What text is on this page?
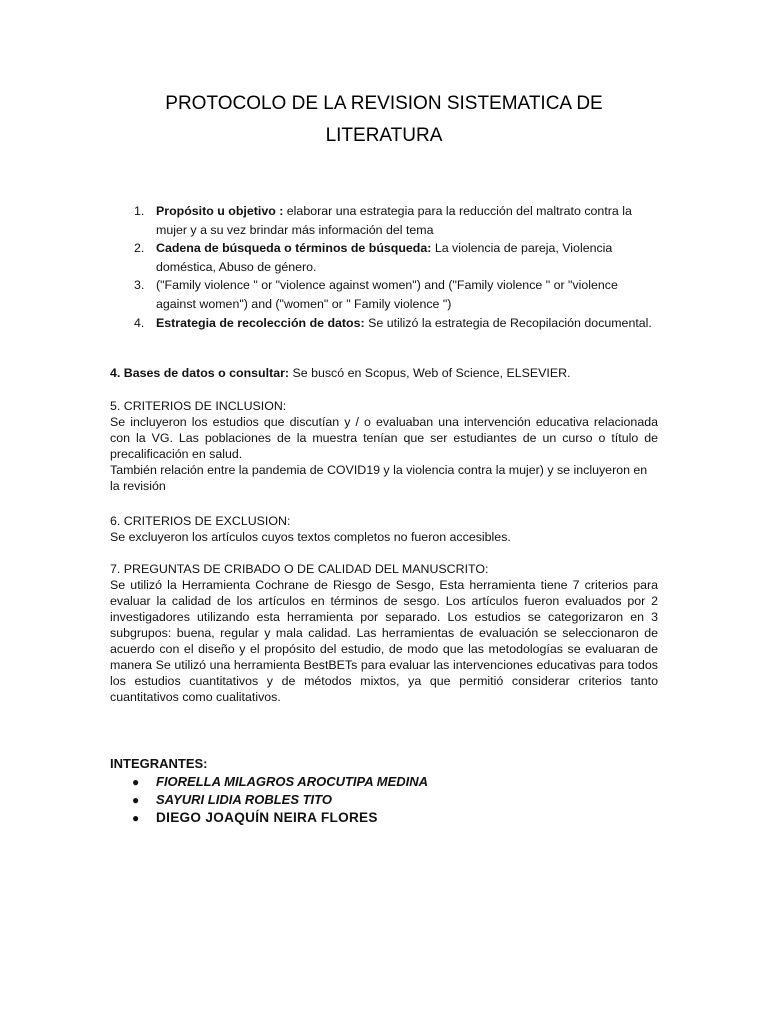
PROTOCOLO DE LA REVISION SISTEMATICA DE
LITERATURA
1. Propósito u objetivo : elaborar una estrategia para la reducción del maltrato contra la mujer y a su vez brindar más información del tema
2. Cadena de búsqueda o términos de búsqueda: La violencia de pareja, Violencia doméstica, Abuso de género.
3. ("Family violence " or "violence against women") and ("Family violence " or "violence against women") and ("women" or " Family violence ")
4. Estrategia de recolección de datos: Se utilizó la estrategia de Recopilación documental.
4. Bases de datos o consultar: Se buscó en Scopus, Web of Science, ELSEVIER.
5. CRITERIOS DE INCLUSION:
Se incluyeron los estudios que discutían y / o evaluaban una intervención educativa relacionada con la VG. Las poblaciones de la muestra tenían que ser estudiantes de un curso o título de precalificación en salud.
También relación entre la pandemia de COVID19 y la violencia contra la mujer) y se incluyeron en la revisión
6. CRITERIOS DE EXCLUSION:
Se excluyeron los artículos cuyos textos completos no fueron accesibles.
7. PREGUNTAS DE CRIBADO O DE CALIDAD DEL MANUSCRITO:
Se utilizó la Herramienta Cochrane de Riesgo de Sesgo, Esta herramienta tiene 7 criterios para evaluar la calidad de los artículos en términos de sesgo. Los artículos fueron evaluados por 2 investigadores utilizando esta herramienta por separado. Los estudios se categorizaron en 3 subgrupos: buena, regular y mala calidad. Las herramientas de evaluación se seleccionaron de acuerdo con el diseño y el propósito del estudio, de modo que las metodologías se evaluaran de manera Se utilizó una herramienta BestBETs para evaluar las intervenciones educativas para todos los estudios cuantitativos y de métodos mixtos, ya que permitió considerar criterios tanto cuantitativos como cualitativos.
INTEGRANTES:
● FIORELLA MILAGROS AROCUTIPA MEDINA
● SAYURI LIDIA ROBLES TITO
● DIEGO JOAQUÍN NEIRA FLORES
